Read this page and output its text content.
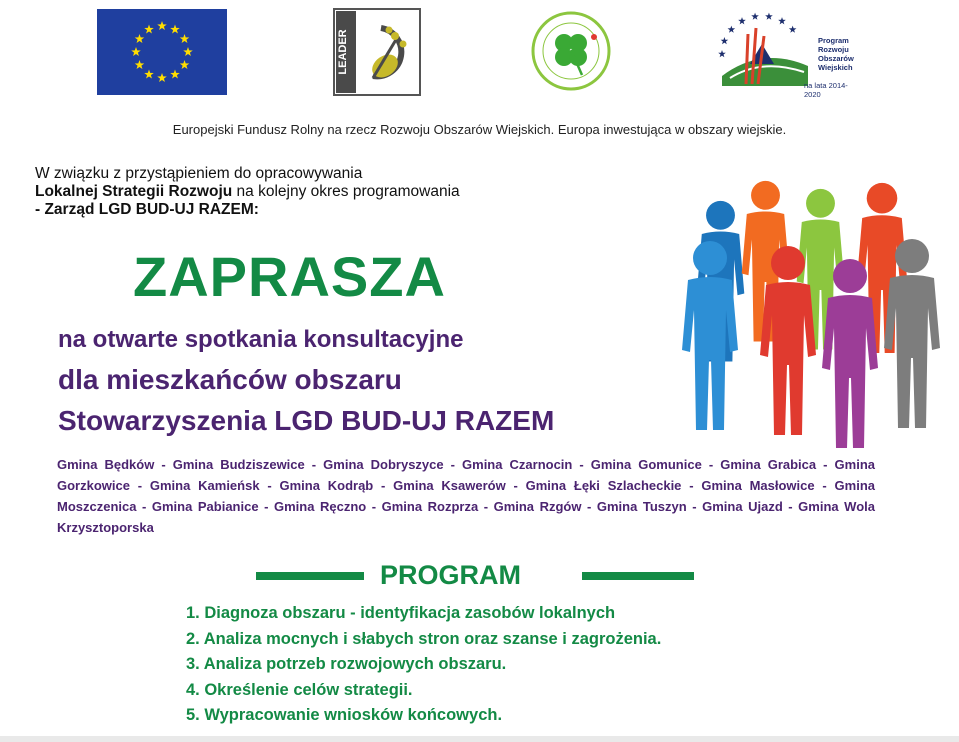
LEADER	Program
Rozwoju
Obszarów
Wiejskich
na lata 2014-2020
Europejski Fundusz Rolny na rzecz Rozwoju Obszarów Wiejskich. Europa inwestująca w obszary wiejskie.
W związku z przystąpieniem do opracowywania
Lokalnej Strategii Rozwoju na kolejny okres programowania
- Zarząd LGD BUD-UJ RAZEM:
ZAPRASZA
na otwarte spotkania konsultacyjne
dla mieszkańców obszaru
Stowarzyszenia LGD BUD-UJ RAZEM
Gmina Będków - Gmina Budziszewice - Gmina Dobryszyce - Gmina Czarnocin - Gmina Gomunice - Gmina Grabica - Gmina Gorzkowice - Gmina Kamieńsk - Gmina Kodrąb - Gmina Ksawerów - Gmina Łęki Szlacheckie - Gmina Masłowice - Gmina Moszczenica - Gmina Pabianice - Gmina Ręczno - Gmina Rozprza - Gmina Rzgów - Gmina Tuszyn - Gmina Ujazd - Gmina Wola Krzysztoporska
PROGRAM
1. Diagnoza obszaru - identyfikacja zasobów lokalnych
2. Analiza mocnych i słabych stron oraz szanse i zagrożenia.
3. Analiza potrzeb rozwojowych obszaru.
4. Określenie celów strategii.
5. Wypracowanie wniosków końcowych.
